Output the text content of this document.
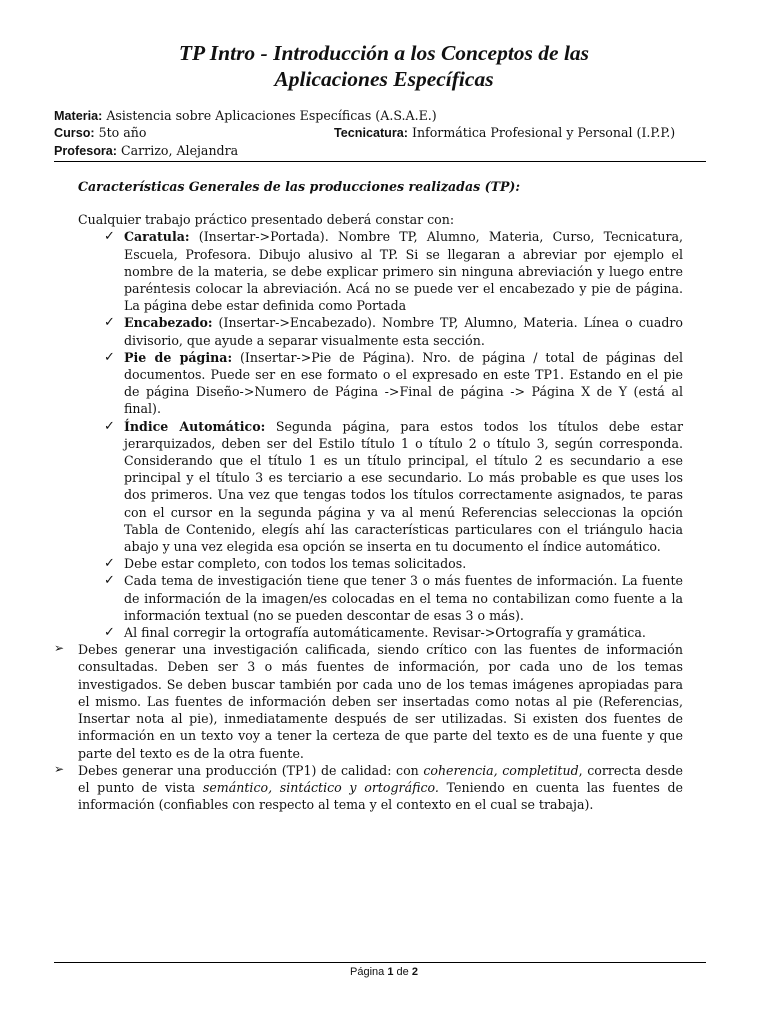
TP Intro - Introducción a los Conceptos de las
Aplicaciones Específicas
Materia: Asistencia sobre Aplicaciones Específicas (A.S.A.E.)
Curso: 5to año	Tecnicatura: Informática Profesional y Personal (I.P.P.)
Profesora: Carrizo, Alejandra

Características Generales de las producciones realizadas (TP):

Cualquier trabajo práctico presentado deberá constar con:

✓ Caratula: (Insertar->Portada). Nombre TP, Alumno, Materia, Curso, Tecnicatura, Escuela, Profesora. Dibujo alusivo al TP. Si se llegaran a abreviar por ejemplo el nombre de la materia, se debe explicar primero sin ninguna abreviación y luego entre paréntesis colocar la abreviación. Acá no se puede ver el encabezado y pie de página. La página debe estar definida como Portada
✓ Encabezado: (Insertar->Encabezado). Nombre TP, Alumno, Materia. Línea o cuadro divisorio, que ayude a separar visualmente esta sección.
✓ Pie de página: (Insertar->Pie de Página). Nro. de página / total de páginas del documentos. Puede ser en ese formato o el expresado en este TP1. Estando en el pie de página Diseño->Numero de Página ->Final de página -> Página X de Y (está al final).
✓ Índice Automático: Segunda página, para estos todos los títulos debe estar jerarquizados, deben ser del Estilo título 1 o título 2 o título 3, según corresponda. Considerando que el título 1 es un título principal, el título 2 es secundario a ese principal y el título 3 es terciario a ese secundario. Lo más probable es que uses los dos primeros. Una vez que tengas todos los títulos correctamente asignados, te paras con el cursor en la segunda página y va al menú Referencias seleccionas la opción Tabla de Contenido, elegís ahí las características particulares con el triángulo hacia abajo y una vez elegida esa opción se inserta en tu documento el índice automático.
✓ Debe estar completo, con todos los temas solicitados.
✓ Cada tema de investigación tiene que tener 3 o más fuentes de información. La fuente de información de la imagen/es colocadas en el tema no contabilizan como fuente a la información textual (no se pueden descontar de esas 3 o más).
✓ Al final corregir la ortografía automáticamente. Revisar->Ortografía y gramática.
➢ Debes generar una investigación calificada, siendo crítico con las fuentes de información consultadas. Deben ser 3 o más fuentes de información, por cada uno de los temas investigados. Se deben buscar también por cada uno de los temas imágenes apropiadas para el mismo. Las fuentes de información deben ser insertadas como notas al pie (Referencias, Insertar nota al pie), inmediatamente después de ser utilizadas. Si existen dos fuentes de información en un texto voy a tener la certeza de que parte del texto es de una fuente y que parte del texto es de la otra fuente.
➢ Debes generar una producción (TP1) de calidad: con coherencia, completitud, correcta desde el punto de vista semántico, sintáctico y ortográfico. Teniendo en cuenta las fuentes de información (confiables con respecto al tema y el contexto en el cual se trabaja).
Página 1 de 2
